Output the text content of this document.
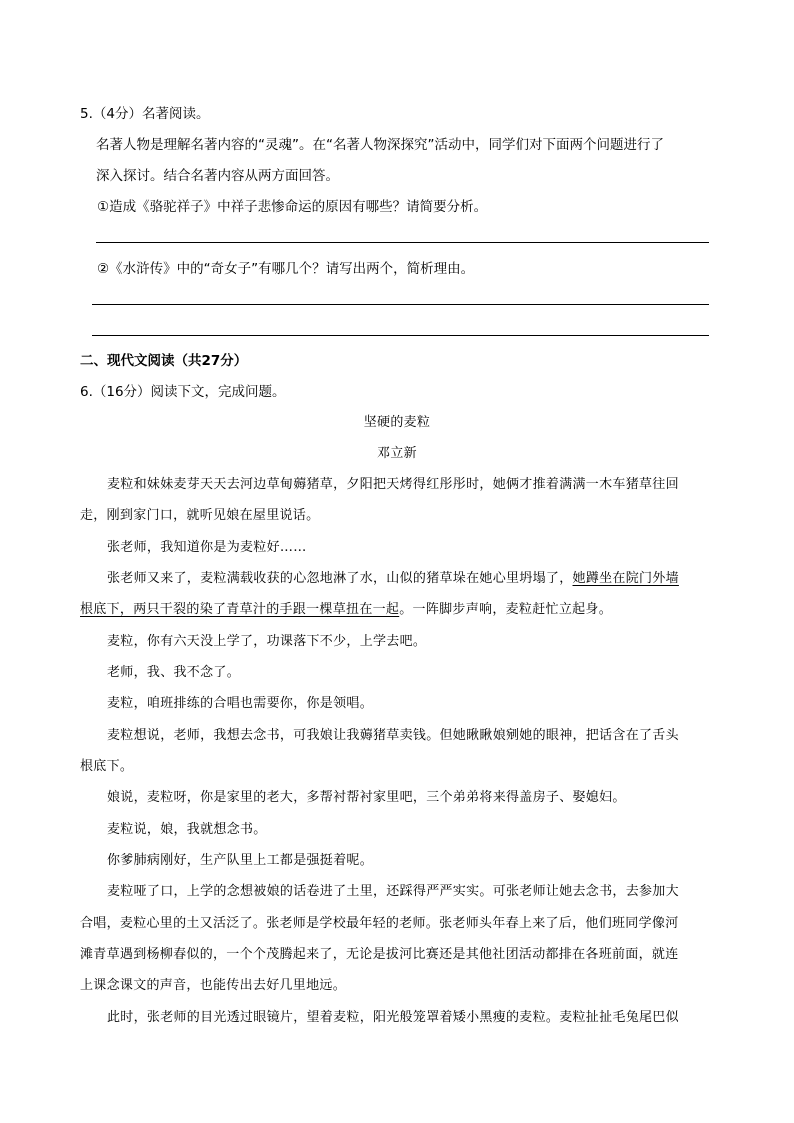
5.（4分）名著阅读。
名著人物是理解名著内容的“灵魂”。在“名著人物深探究”活动中，同学们对下面两个问题进行了
深入探讨。结合名著内容从两方面回答。
①造成《骆驼祥子》中祥子悲惨命运的原因有哪些？请简要分析。
②《水浒传》中的“奇女子”有哪几个？请写出两个，简析理由。
二、现代文阅读（共27分）
6.（16分）阅读下文，完成问题。
坚硬的麦粒
邓立新
麦粒和妹妹麦芽天天去河边草甸薅猪草，夕阳把天烤得红彤彤时，她俩才推着满满一木车猪草往回
走，刚到家门口，就听见娘在屋里说话。
张老师，我知道你是为麦粒好……
张老师又来了，麦粒满载收获的心忽地淋了水，山似的猪草垛在她心里坍塌了，她蹲坐在院门外墙
根底下，两只干裂的染了青草汁的手跟一棵草扭在一起。一阵脚步声响，麦粒赶忙立起身。
麦粒，你有六天没上学了，功课落下不少，上学去吧。
老师，我、我不念了。
麦粒，咱班排练的合唱也需要你，你是领唱。
麦粒想说，老师，我想去念书，可我娘让我薅猪草卖钱。但她瞅瞅娘剜她的眼神，把话含在了舌头
根底下。
娘说，麦粒呀，你是家里的老大，多帮衬帮衬家里吧，三个弟弟将来得盖房子、娶媳妇。
麦粒说，娘，我就想念书。
你爹肺病刚好，生产队里上工都是强挺着呢。
麦粒哑了口，上学的念想被娘的话卷进了土里，还踩得严严实实。可张老师让她去念书，去参加大
合唱，麦粒心里的土又活泛了。张老师是学校最年轻的老师。张老师头年春上来了后，他们班同学像河
滩青草遇到杨柳春似的，一个个茂腾起来了，无论是拔河比赛还是其他社团活动都排在各班前面，就连
上课念课文的声音，也能传出去好几里地远。
此时，张老师的目光透过眼镜片，望着麦粒，阳光般笼罩着矮小黑瘦的麦粒。麦粒扯扯毛兔尾巴似
